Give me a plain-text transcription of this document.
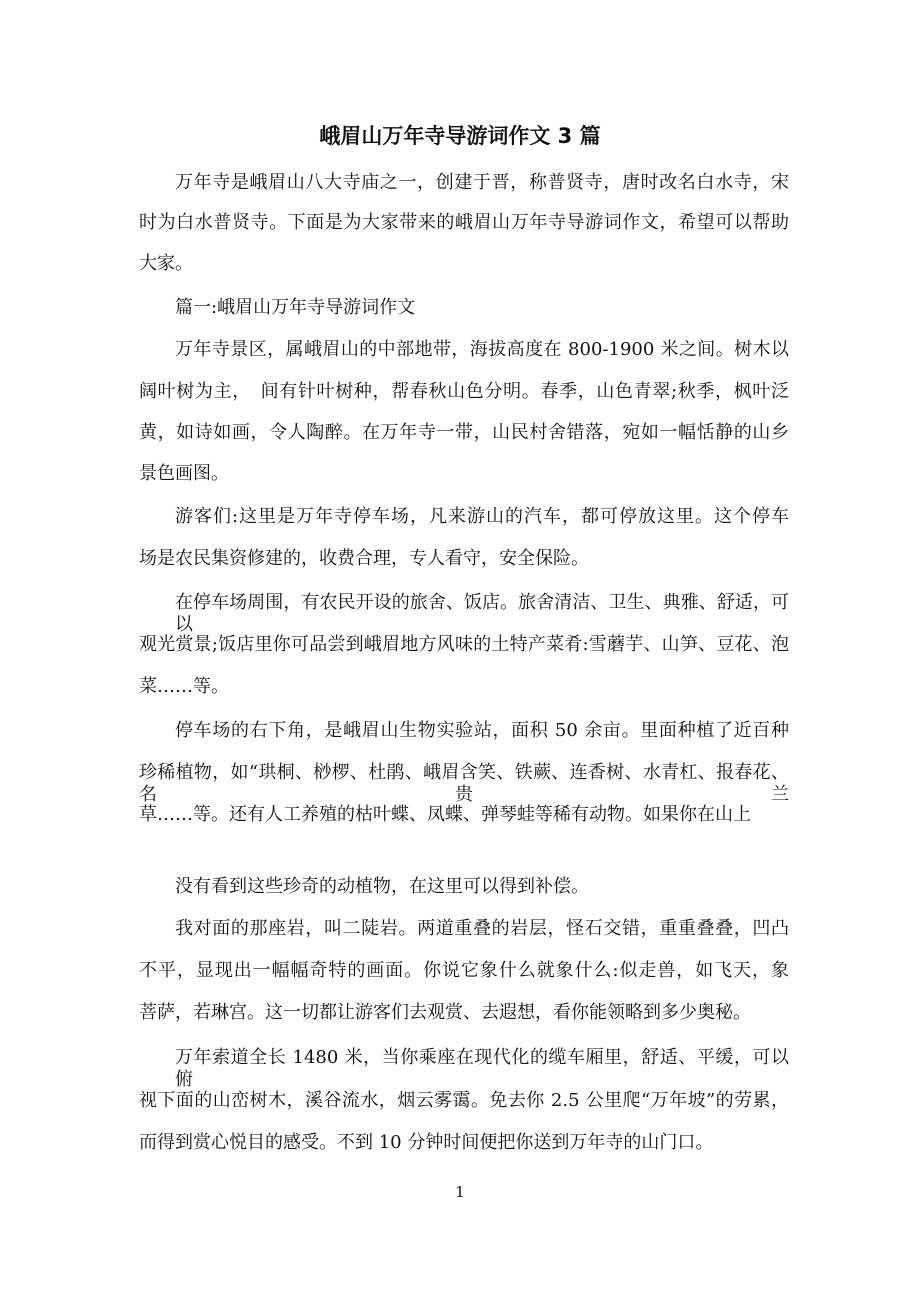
峨眉山万年寺导游词作文 3 篇
万年寺是峨眉山八大寺庙之一，创建于晋，称普贤寺，唐时改名白水寺，宋
时为白水普贤寺。下面是为大家带来的峨眉山万年寺导游词作文，希望可以帮助
大家。
篇一:峨眉山万年寺导游词作文
万年寺景区，属峨眉山的中部地带，海拔高度在 800-1900 米之间。树木以
阔叶树为主，　间有针叶树种，帮春秋山色分明。春季，山色青翠;秋季，枫叶泛
黄，如诗如画，令人陶醉。在万年寺一带，山民村舍错落，宛如一幅恬静的山乡
景色画图。
游客们:这里是万年寺停车场，凡来游山的汽车，都可停放这里。这个停车
场是农民集资修建的，收费合理，专人看守，安全保险。
在停车场周围，有农民开设的旅舍、饭店。旅舍清洁、卫生、典雅、舒适，可以
观光赏景;饭店里你可品尝到峨眉地方风味的土特产菜肴:雪蘑芋、山笋、豆花、泡
菜……等。
停车场的右下角，是峨眉山生物实验站，面积 50 余亩。里面种植了近百种
珍稀植物，如“珙桐、桫椤、杜鹃、峨眉含笑、铁蕨、连香树、水青杠、报春花、名贵兰
草……等。还有人工养殖的枯叶蝶、凤蝶、弹琴蛙等稀有动物。如果你在山上
没有看到这些珍奇的动植物，在这里可以得到补偿。
我对面的那座岩，叫二陡岩。两道重叠的岩层，怪石交错，重重叠叠，凹凸
不平，显现出一幅幅奇特的画面。你说它象什么就象什么:似走兽，如飞天，象
菩萨，若琳宫。这一切都让游客们去观赏、去遐想，看你能领略到多少奥秘。
万年索道全长 1480 米，当你乘座在现代化的缆车厢里，舒适、平缓，可以俯
视下面的山峦树木，溪谷流水，烟云雾霭。免去你 2.5 公里爬“万年坡”的劳累，
而得到赏心悦目的感受。不到 10 分钟时间便把你送到万年寺的山门口。
1
